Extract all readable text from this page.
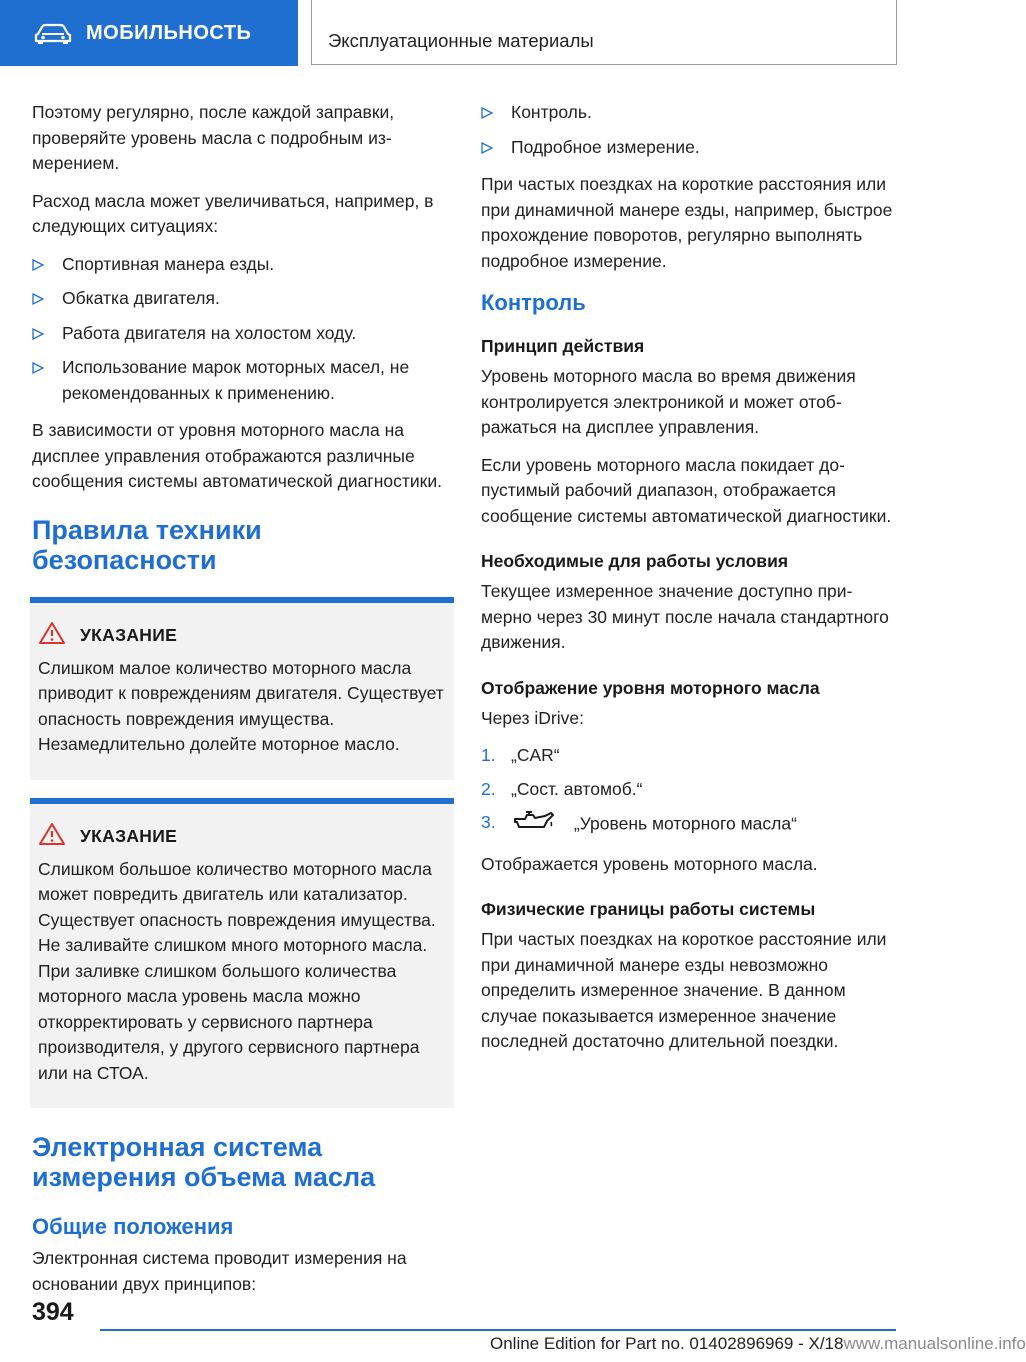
МОБИЛЬНОСТЬ	Эксплуатационные материалы

Поэтому регулярно, после каждой заправки, проверяйте уровень масла с подробным измерением.

Расход масла может увеличиваться, например, в следующих ситуациях:

Спортивная манера езды.
Обкатка двигателя.
Работа двигателя на холостом ходу.
Использование марок моторных масел, не рекомендованных к применению.

В зависимости от уровня моторного масла на дисплее управления отображаются различные сообщения системы автоматической диагностики.

Правила техники безопасности
УКАЗАНИЕ

Слишком малое количество моторного масла приводит к повреждениям двигателя. Существует опасность повреждения имущества. Незамедлительно долейте моторное масло.

УКАЗАНИЕ

Слишком большое количество моторного масла может повредить двигатель или катализатор. Существует опасность повреждения имущества. Не заливайте слишком много моторного масла. При заливке слишком большого количества моторного масла уровень масла можно откорректировать у сервисного партнера производителя, у другого сервисного партнера или на СТОА.

Электронная система измерения объема масла
Общие положения

Электронная система проводит измерения на основании двух принципов:

Контроль.
Подробное измерение.

При частых поездках на короткие расстояния или при динамичной манере езды, например, быстрое прохождение поворотов, регулярно выполнять подробное измерение.

Контроль
Принцип действия

Уровень моторного масла во время движения контролируется электроникой и может отображаться на дисплее управления.

Если уровень моторного масла покидает допустимый рабочий диапазон, отображается сообщение системы автоматической диагностики.

Необходимые для работы условия

Текущее измеренное значение доступно примерно через 30 минут после начала стандартного движения.

Отображение уровня моторного масла

Через iDrive:

1. „CAR“
2. „Сост. автомоб.“
3.	„Уровень моторного масла“

Отображается уровень моторного масла.

Физические границы работы системы

При частых поездках на короткое расстояние или при динамичной манере езды невозможно определить измеренное значение. В данном случае показывается измеренное значение последней достаточно длительной поездки.

394
Online Edition for Part no. 01402896969 - X/18www.manualsonline.info
